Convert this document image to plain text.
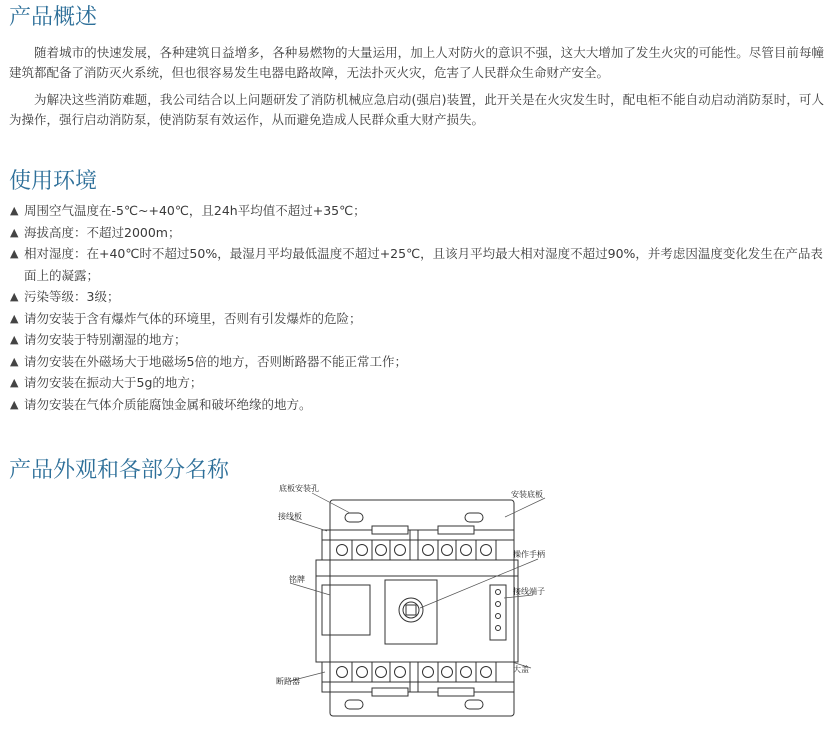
产品概述

随着城市的快速发展，各种建筑日益增多，各种易燃物的大量运用，加上人对防火的意识不强，这大大增加了发生火灾的可能性。尽管目前每幢建筑都配备了消防灭火系统，但也很容易发生电器电路故障，无法扑灭火灾，危害了人民群众生命财产安全。

为解决这些消防难题，我公司结合以上问题研发了消防机械应急启动(强启)装置，此开关是在火灾发生时，配电柜不能自动启动消防泵时，可人为操作，强行启动消防泵，使消防泵有效运作，从而避免造成人民群众重大财产损失。

使用环境
▲ 周围空气温度在-5℃~+40℃，且24h平均值不超过+35℃；
▲ 海拔高度：不超过2000m；
▲ 相对湿度：在+40℃时不超过50%，最湿月平均最低温度不超过+25℃，且该月平均最大相对湿度不超过90%，并考虑因温度变化发生在产品表面上的凝露；
▲ 污染等级：3级；
▲ 请勿安装于含有爆炸气体的环境里，否则有引发爆炸的危险；
▲ 请勿安装于特别潮湿的地方；
▲ 请勿安装在外磁场大于地磁场5倍的地方，否则断路器不能正常工作；
▲ 请勿安装在振动大于5g的地方；
▲ 请勿安装在气体介质能腐蚀金属和破坏绝缘的地方。
产品外观和各部分名称
底板安装孔
接线板
安装底板
操作手柄
铭牌
接线端子
大盖
断路器
